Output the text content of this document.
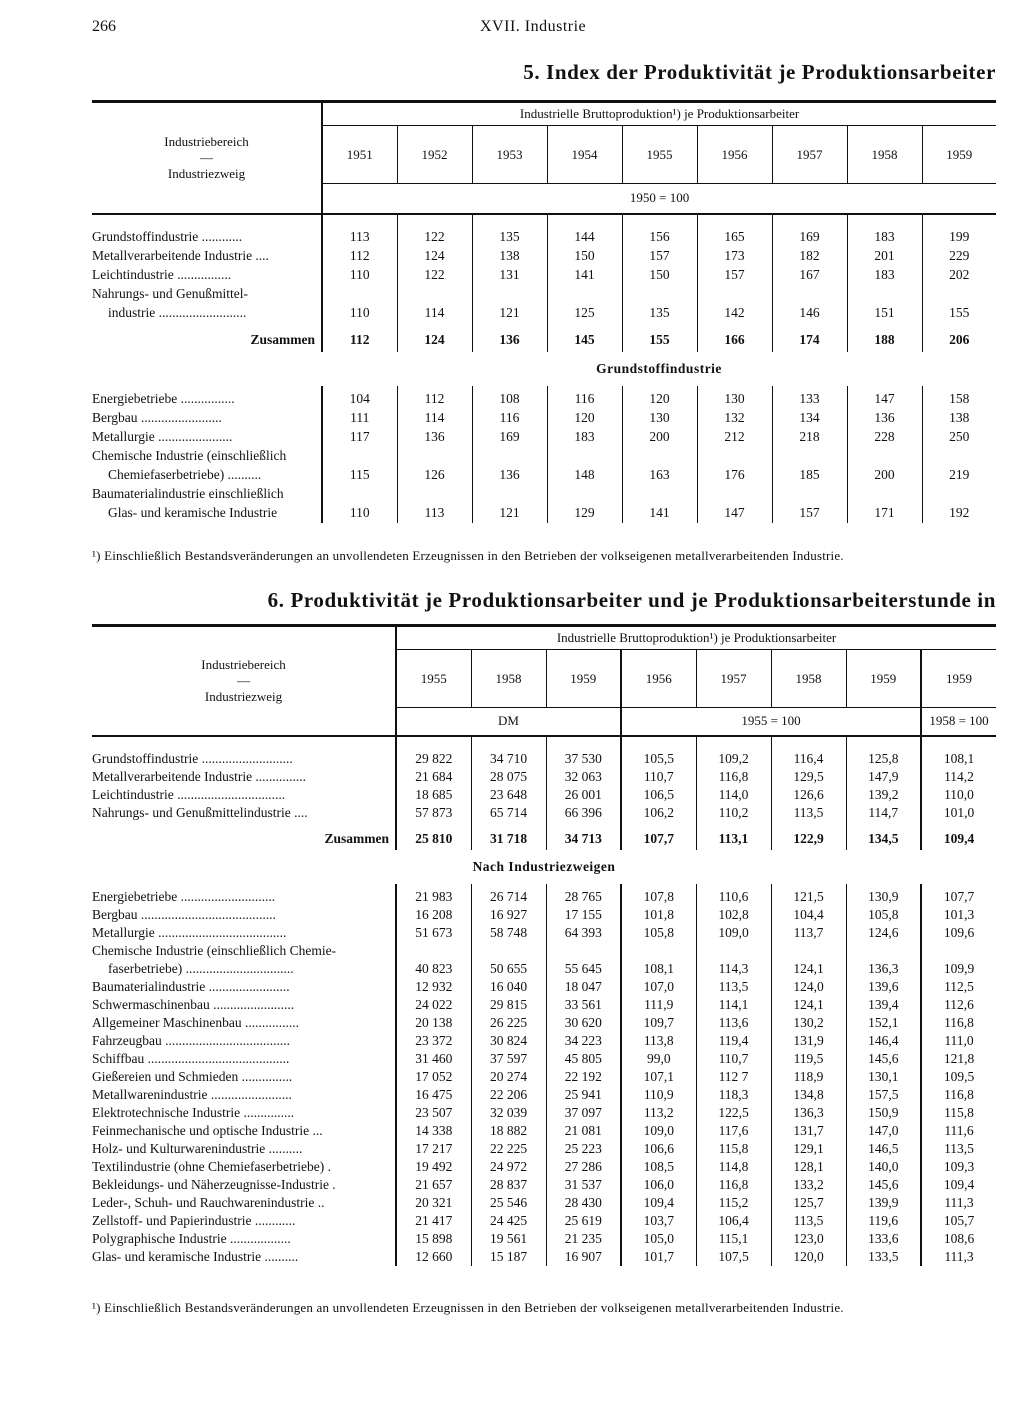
266	XVII. Industrie
5. Index der Produktivität je Produktionsarbeiter
Industriebereich
—
Industriezweig	Industrielle Bruttoproduktion¹) je Produktionsarbeiter								
	1951	1952	1953	1954	1955	1956	1957	1958	1959
	1950 = 100								

Grundstoffindustrie ............	113	122	135	144	156	165	169	183	199
Metallverarbeitende Industrie ....	112	124	138	150	157	173	182	201	229
Leichtindustrie ................	110	122	131	141	150	157	167	183	202
Nahrungs- und Genußmittel-									
industrie ..........................	110	114	121	125	135	142	146	151	155

Zusammen	112	124	136	145	155	166	174	188	206
Grundstoffindustrie									

Energiebetriebe ................	104	112	108	116	120	130	133	147	158
Bergbau ........................	111	114	116	120	130	132	134	136	138
Metallurgie ......................	117	136	169	183	200	212	218	228	250
Chemische Industrie (einschließlich									
Chemiefaserbetriebe) ..........	115	126	136	148	163	176	185	200	219
Baumaterialindustrie einschließlich									
Glas- und keramische Industrie	110	113	121	129	141	147	157	171	192
¹) Einschließlich Bestandsveränderungen an unvollendeten Erzeugnissen in den Betrieben der volkseigenen metallverarbeitenden Industrie.
6. Produktivität je Produktionsarbeiter und je Produktionsarbeiterstunde in
Industriebereich
—
Industriezweig	Industrielle Bruttoproduktion¹) je Produktionsarbeiter							
	1955	1958	1959	1956	1957	1958	1959	1959
	DM			1955 = 100				1958 = 100

Grundstoffindustrie ...........................	29 822	34 710	37 530	105,5	109,2	116,4	125,8	108,1
Metallverarbeitende Industrie ...............	21 684	28 075	32 063	110,7	116,8	129,5	147,9	114,2
Leichtindustrie ................................	18 685	23 648	26 001	106,5	114,0	126,6	139,2	110,0
Nahrungs- und Genußmittelindustrie ....	57 873	65 714	66 396	106,2	110,2	113,5	114,7	101,0

Zusammen	25 810	31 718	34 713	107,7	113,1	122,9	134,5	109,4
Nach Industriezweigen								

Energiebetriebe ............................	21 983	26 714	28 765	107,8	110,6	121,5	130,9	107,7
Bergbau ........................................	16 208	16 927	17 155	101,8	102,8	104,4	105,8	101,3
Metallurgie ......................................	51 673	58 748	64 393	105,8	109,0	113,7	124,6	109,6
Chemische Industrie (einschließlich Chemie-								
faserbetriebe) ................................	40 823	50 655	55 645	108,1	114,3	124,1	136,3	109,9
Baumaterialindustrie ........................	12 932	16 040	18 047	107,0	113,5	124,0	139,6	112,5
Schwermaschinenbau ........................	24 022	29 815	33 561	111,9	114,1	124,1	139,4	112,6
Allgemeiner Maschinenbau ................	20 138	26 225	30 620	109,7	113,6	130,2	152,1	116,8
Fahrzeugbau .....................................	23 372	30 824	34 223	113,8	119,4	131,9	146,4	111,0
Schiffbau ..........................................	31 460	37 597	45 805	99,0	110,7	119,5	145,6	121,8
Gießereien und Schmieden ...............	17 052	20 274	22 192	107,1	112 7	118,9	130,1	109,5
Metallwarenindustrie ........................	16 475	22 206	25 941	110,9	118,3	134,8	157,5	116,8
Elektrotechnische Industrie ...............	23 507	32 039	37 097	113,2	122,5	136,3	150,9	115,8
Feinmechanische und optische Industrie ...	14 338	18 882	21 081	109,0	117,6	131,7	147,0	111,6
Holz- und Kulturwarenindustrie ..........	17 217	22 225	25 223	106,6	115,8	129,1	146,5	113,5
Textilindustrie (ohne Chemiefaserbetriebe) .	19 492	24 972	27 286	108,5	114,8	128,1	140,0	109,3
Bekleidungs- und Näherzeugnisse-Industrie .	21 657	28 837	31 537	106,0	116,8	133,2	145,6	109,4
Leder-, Schuh- und Rauchwarenindustrie ..	20 321	25 546	28 430	109,4	115,2	125,7	139,9	111,3
Zellstoff- und Papierindustrie ............	21 417	24 425	25 619	103,7	106,4	113,5	119,6	105,7
Polygraphische Industrie ..................	15 898	19 561	21 235	105,0	115,1	123,0	133,6	108,6
Glas- und keramische Industrie ..........	12 660	15 187	16 907	101,7	107,5	120,0	133,5	111,3
¹) Einschließlich Bestandsveränderungen an unvollendeten Erzeugnissen in den Betrieben der volkseigenen metallverarbeitenden Industrie.
